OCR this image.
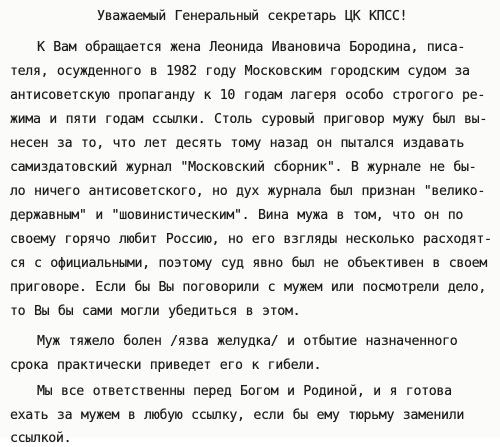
Уважаемый Генеральный секретарь ЦК КПСС!
К Вам обращается жена Леонида Ивановича Бородина, писа-
теля, осужденного в 1982 году Московским городским судом за
антисоветскую пропаганду к 10 годам лагеря особо строгого ре-
жима и пяти годам ссылки. Столь суровый приговор мужу был вы-
несен за то, что лет десять тому назад он пытался издавать
самиздатовский журнал "Московский сборник". В журнале не бы-
ло ничего антисоветского, но дух журнала был признан "велико-
державным" и "шовинистическим". Вина мужа в том, что он по
своему горячо любит Россию, но его взгляды несколько расходят-
ся с официальными, поэтому суд явно был не объективен в своем
приговоре. Если бы Вы поговорили с мужем или посмотрели дело,
то Вы бы сами могли убедиться в этом.
Муж тяжело болен /язва желудка/ и отбытие назначенного
срока практически приведет его к гибели.
Мы все ответственны перед Богом и Родиной, и я готова
ехать за мужем в любую ссылку, если бы ему тюрьму заменили
ссылкой.
